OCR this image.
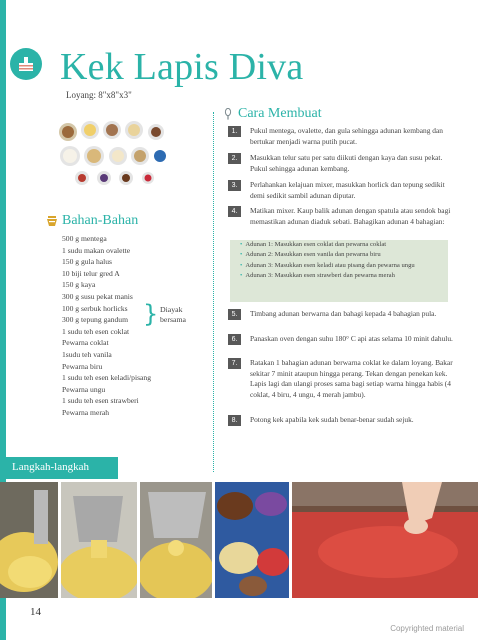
Kek Lapis Diva
Loyang: 8"x8"x3"
Bahan-Bahan
500 g mentega
1 sudu makan ovalette
150 g gula halus
10 biji telur gred A
150 g kaya
300 g susu pekat manis
100 g serbuk horlicks
300 g tepung gandum
1 sudu teh esen coklat
Pewarna coklat
1sudu teh vanila
Pewarna biru
1 sudu teh esen keladi/pisang
Pewarna ungu
1 sudu teh esen strawberi
Pewarna merah
} Diayak
bersama
Cara Membuat
1.	Pukul mentega, ovalette, dan gula sehingga adunan kembang dan bertukar menjadi warna putih pucat.
2.	Masukkan telur satu per satu diikuti dengan kaya dan susu pekat. Pukul sehingga adunan kembang.
3.	Perlahankan kelajuan mixer, masukkan horlick dan tepung sedikit demi sedikit sambil adunan diputar.
4.	Matikan mixer. Kaup balik adunan dengan spatula atau sendok bagi memastikan adunan diaduk sebati. Bahagikan adunan 4 bahagian:
• Adunan 1: Masukkan esen coklat dan pewarna coklat
• Adunan 2: Masukkan esen vanila dan pewarna biru
• Adunan 3: Masukkan esen keladi atau pisang dan pewarna ungu
• Adunan 3: Masukkan esen strawberi dan pewarna merah
5.	Timbang adunan berwarna dan bahagi kepada 4 bahagian pula.
6.	Panaskan oven dengan suhu 180° C api atas selama 10 minit dahulu.
7.	Ratakan 1 bahagian adunan berwarna coklat ke dalam loyang. Bakar sekitar 7 minit ataupun hingga perang. Tekan dengan penekan kek. Lapis lagi dan ulangi proses sama bagi setiap warna hingga habis (4 coklat, 4 biru, 4 ungu, 4 merah jambu).
8.	Potong kek apabila kek sudah benar-benar sudah sejuk.
Langkah-langkah
14
Copyrighted material
